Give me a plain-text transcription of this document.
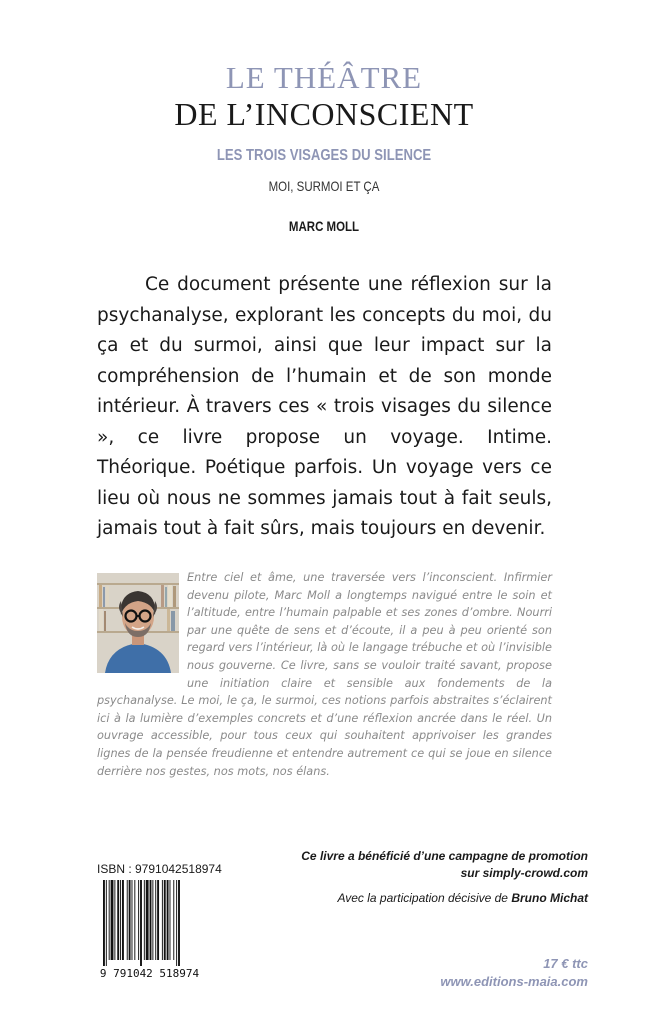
LE THÉÂTRE
DE L’INCONSCIENT
LES TROIS VISAGES DU SILENCE
MOI, SURMOI ET ÇA
MARC MOLL

Ce document présente une réflexion sur la psychanalyse, explorant les concepts du moi, du ça et du surmoi, ainsi que leur impact sur la compréhension de l’humain et de son monde intérieur. À travers ces « trois visages du silence », ce livre propose un voyage. Intime. Théorique. Poétique parfois. Un voyage vers ce lieu où nous ne sommes jamais tout à fait seuls, jamais tout à fait sûrs, mais toujours en devenir.

Entre ciel et âme, une traversée vers l’inconscient. Infirmier devenu pilote, Marc Moll a longtemps navigué entre le soin et l’altitude, entre l’humain palpable et ses zones d’ombre. Nourri par une quête de sens et d’écoute, il a peu à peu orienté son regard vers l’intérieur, là où le langage trébuche et où l’invisible nous gouverne. Ce livre, sans se vouloir traité savant, propose une initiation claire et sensible aux fondements de la psychanalyse. Le moi, le ça, le surmoi, ces notions parfois abstraites s’éclairent ici à la lumière d’exemples concrets et d’une réflexion ancrée dans le réel. Un ouvrage accessible, pour tous ceux qui souhaitent apprivoiser les grandes lignes de la pensée freudienne et entendre autrement ce qui se joue en silence derrière nos gestes, nos mots, nos élans.
Ce livre a bénéficié d’une campagne de promotion
sur simply-crowd.com
Avec la participation décisive de Bruno Michat
ISBN : 9791042518974
9 791042 518974
17 € ttc
www.editions-maia.com
